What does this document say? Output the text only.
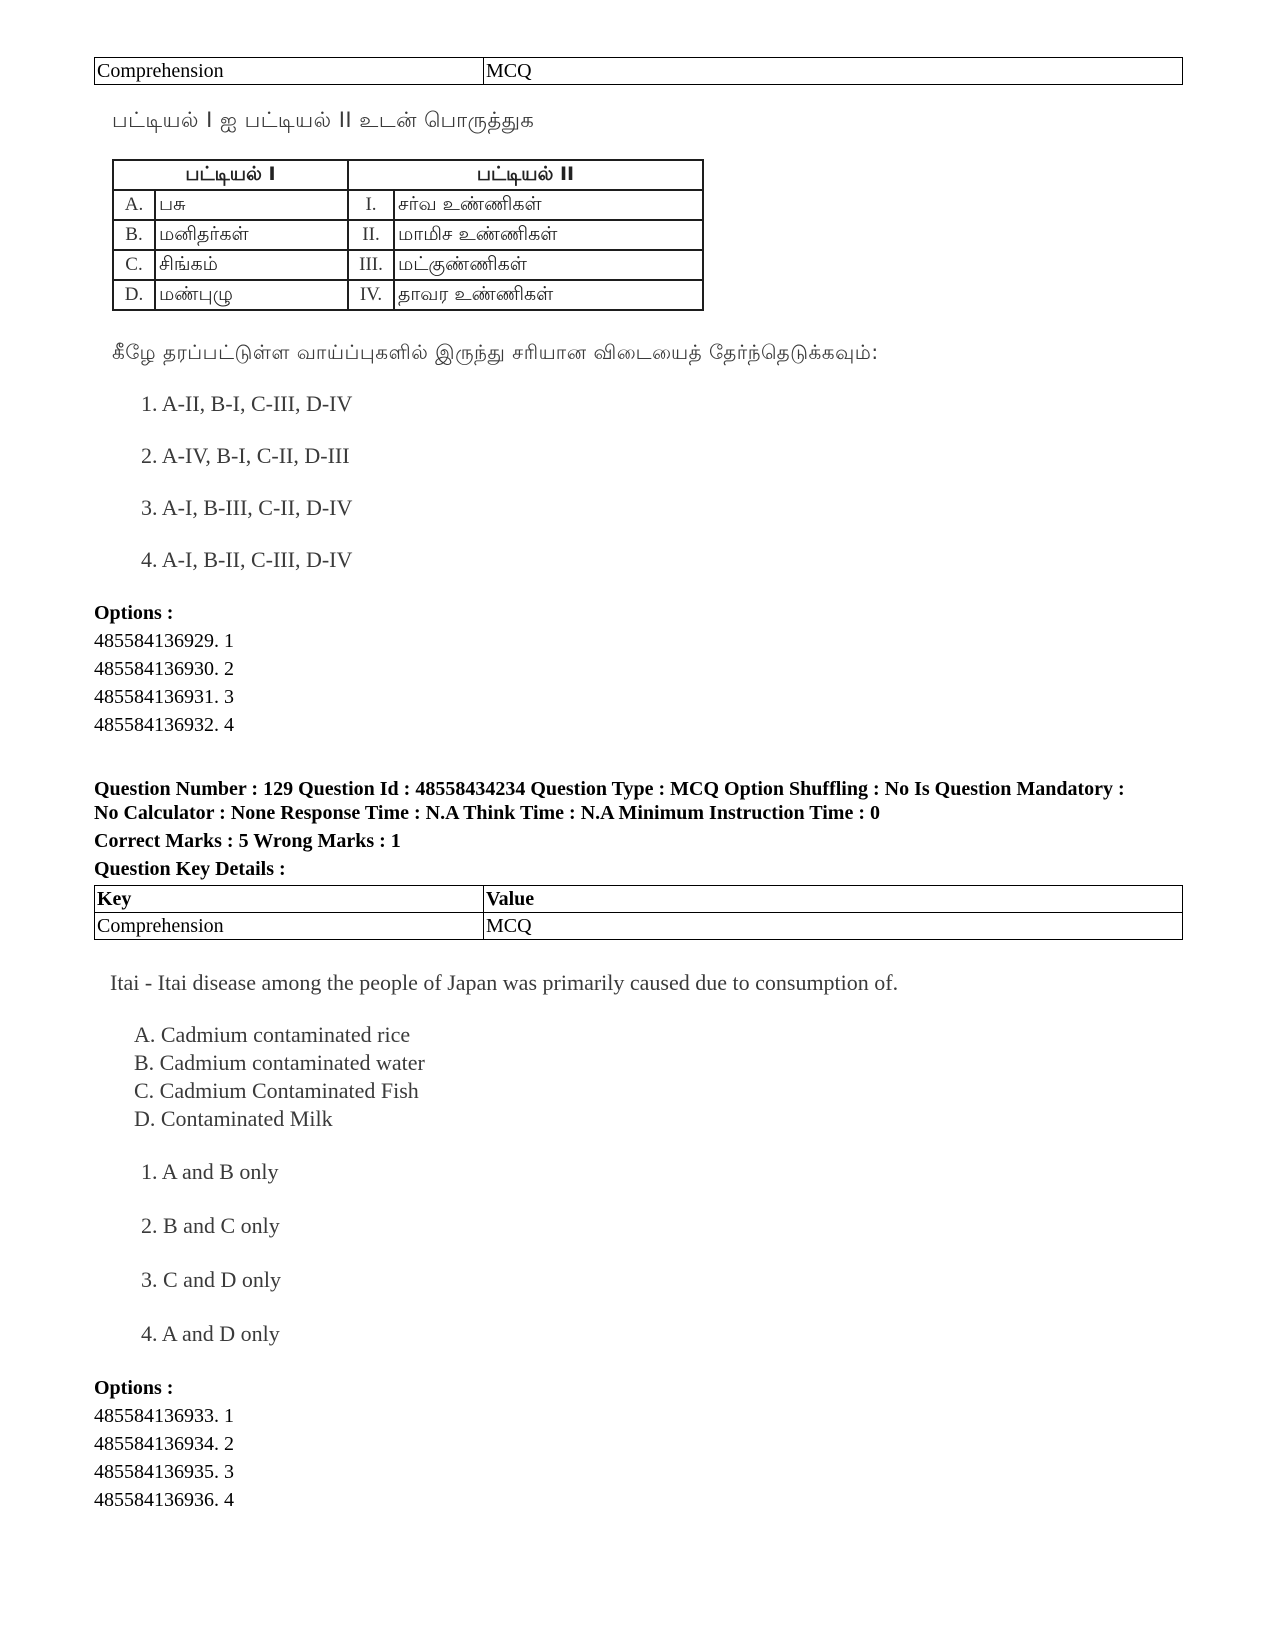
Comprehension	MCQ
பட்டியல் I ஐ பட்டியல் II உடன் பொருத்துக
பட்டியல் I		பட்டியல் II	
A.	பசு	I.	சர்வ உண்ணிகள்
B.	மனிதர்கள்	II.	மாமிச உண்ணிகள்
C.	சிங்கம்	III.	மட்குண்ணிகள்
D.	மண்புழு	IV.	தாவர உண்ணிகள்
கீழே தரப்பட்டுள்ள வாய்ப்புகளில் இருந்து சரியான விடையைத் தேர்ந்தெடுக்கவும்:
1. A-II, B-I, C-III, D-IV
2. A-IV, B-I, C-II, D-III
3. A-I, B-III, C-II, D-IV
4. A-I, B-II, C-III, D-IV
Options :
485584136929. 1
485584136930. 2
485584136931. 3
485584136932. 4
Question Number : 129 Question Id : 48558434234 Question Type : MCQ Option Shuffling : No Is Question Mandatory :
No Calculator : None Response Time : N.A Think Time : N.A Minimum Instruction Time : 0
Correct Marks : 5 Wrong Marks : 1
Question Key Details :
Key	Value
Comprehension	MCQ
Itai - Itai disease among the people of Japan was primarily caused due to consumption of.
A. Cadmium contaminated rice
B. Cadmium contaminated water
C. Cadmium Contaminated Fish
D. Contaminated Milk
1. A and B only
2. B and C only
3. C and D only
4. A and D only
Options :
485584136933. 1
485584136934. 2
485584136935. 3
485584136936. 4
